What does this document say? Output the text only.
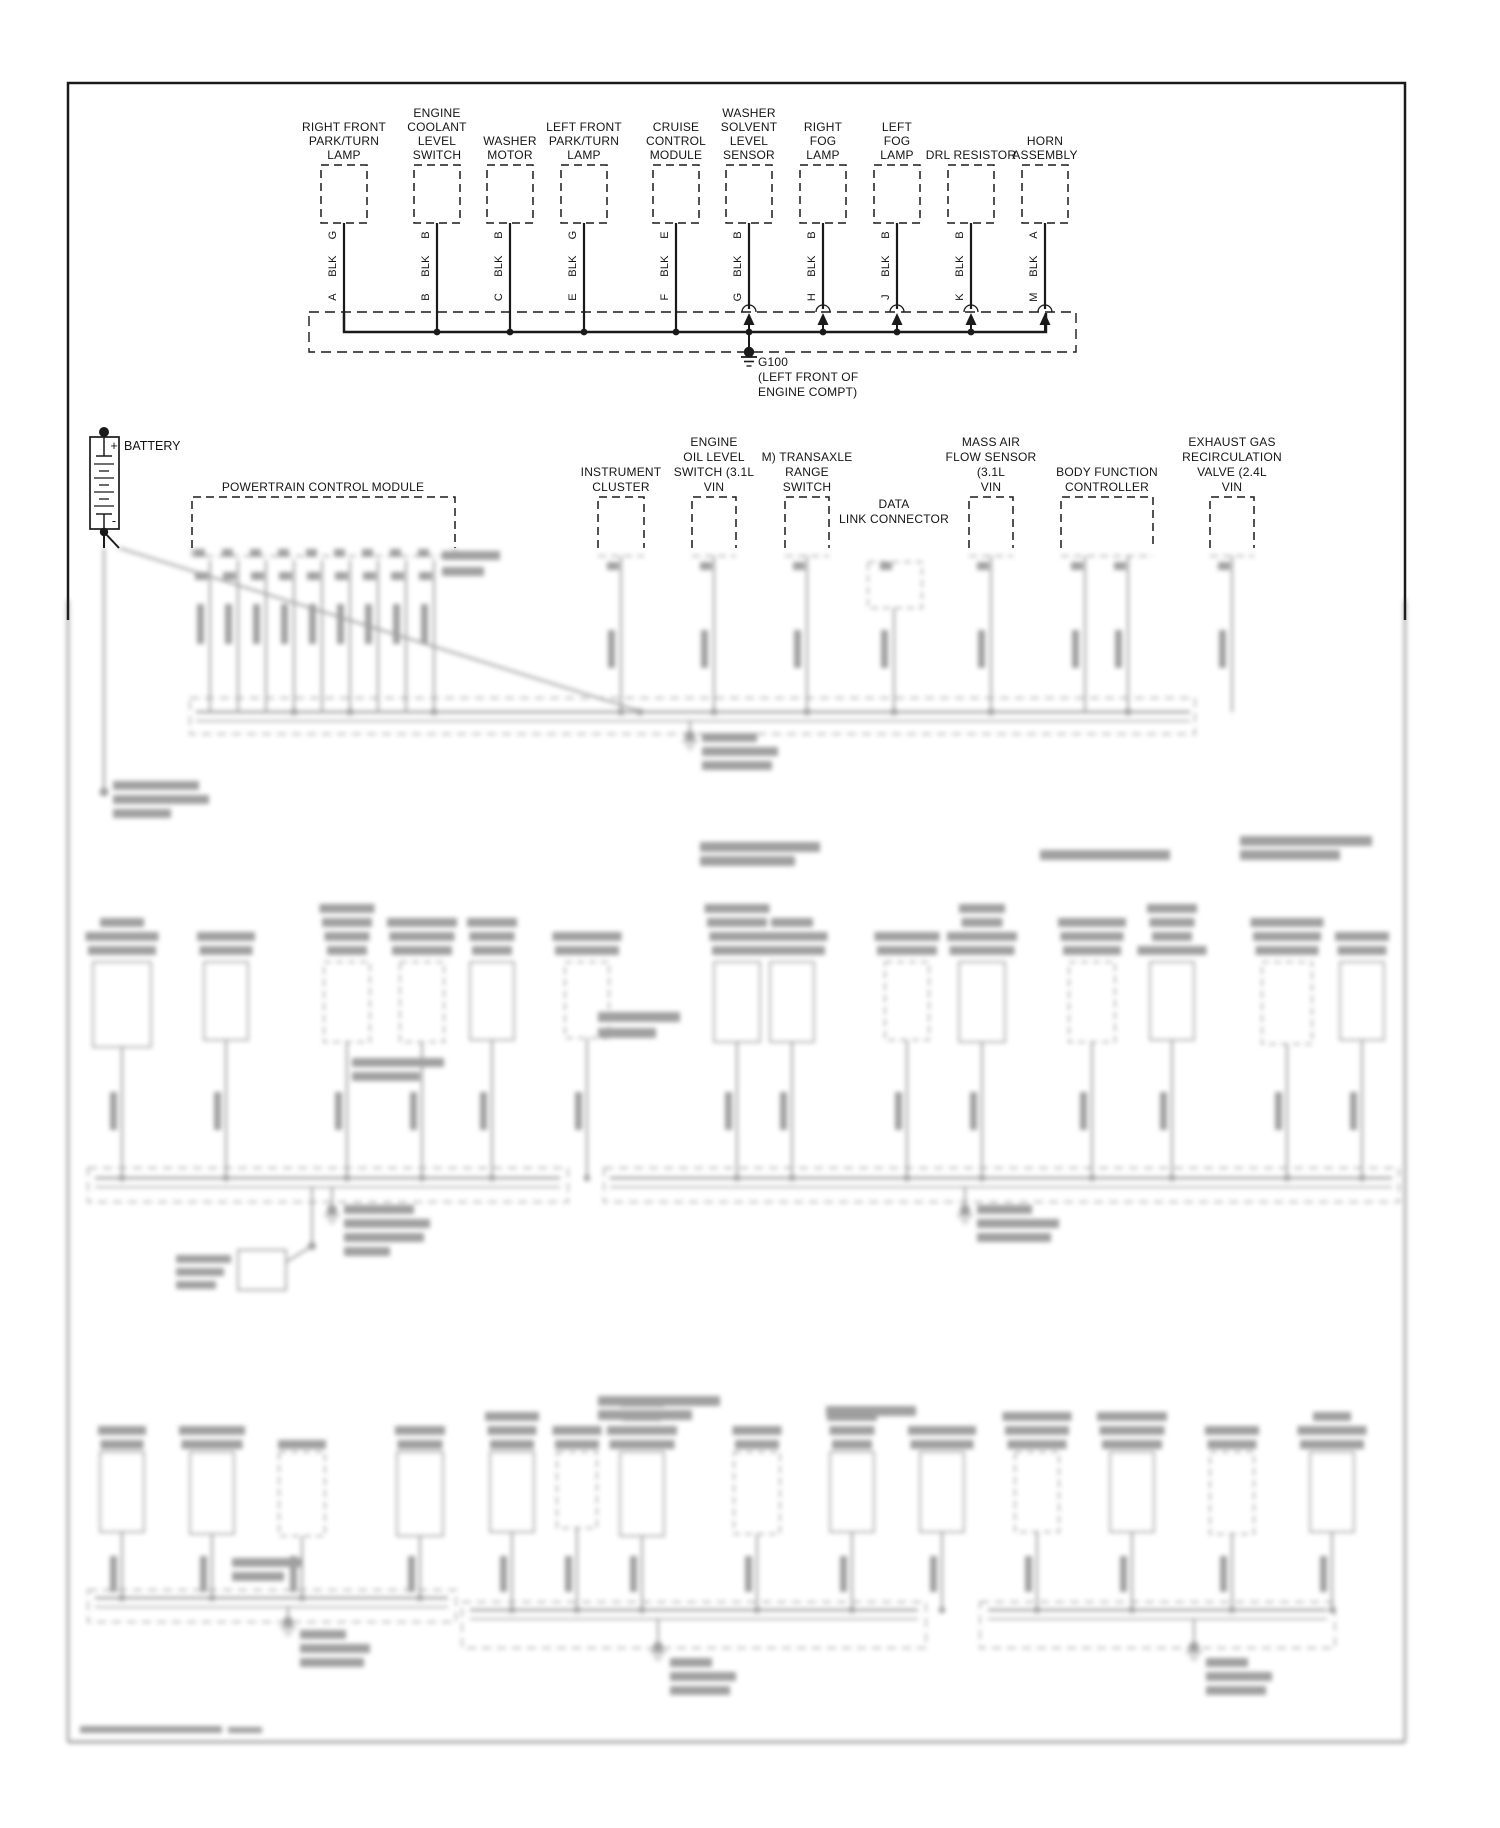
G100
(LEFT FRONT OF
ENGINE COMPT)
+
-
BATTERY
RIGHT FRONT
PARK/TURN
LAMP
G
BLK
A
ENGINE
COOLANT
LEVEL
SWITCH
B
BLK
B
WASHER
MOTOR
B
BLK
C
LEFT FRONT
PARK/TURN
LAMP
G
BLK
E
CRUISE
CONTROL
MODULE
E
BLK
F
WASHER
SOLVENT
LEVEL
SENSOR
B
BLK
G
RIGHT
FOG
LAMP
B
BLK
H
LEFT
FOG
LAMP
B
BLK
J
DRL RESISTOR
B
BLK
K
HORN
ASSEMBLY
A
BLK
M
POWERTRAIN CONTROL MODULE
INSTRUMENT
CLUSTER
ENGINE
OIL LEVEL
SWITCH (3.1L
VIN
M) TRANSAXLE
RANGE
SWITCH
DATA
LINK CONNECTOR
MASS AIR
FLOW SENSOR
(3.1L
VIN
BODY FUNCTION
CONTROLLER
EXHAUST GAS
RECIRCULATION
VALVE (2.4L
VIN
